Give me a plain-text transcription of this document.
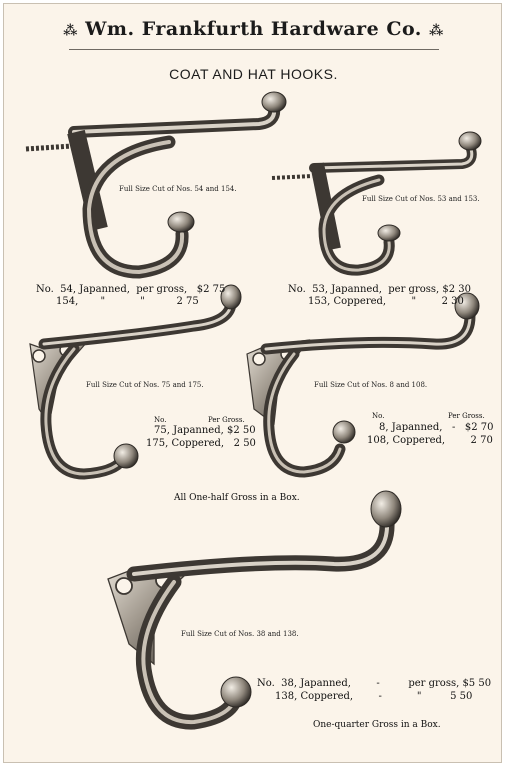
⁂ Wm. Frankfurth Hardware Co. ⁂
COAT AND HAT HOOKS.
Full Size Cut of Nos. 54 and 154.
Full Size Cut of Nos. 53 and 153.
Full Size Cut of Nos. 75 and 175.	Full Size Cut of Nos. 8 and 108.
Full Size Cut of Nos. 38 and 138.
No.  54, Japanned,  per gross,   $2 75
154,       "           "          2 75
No.  53, Japanned,  per gross, $2 30
153, Coppered,        "        2 30
No.	Per Gross.
75, Japanned, $2 50
175, Coppered,   2 50
No.	Per Gross.
8, Japanned,   -   $2 70
108, Coppered,        2 70
All One-half Gross in a Box.
No.  38, Japanned,        -         per gross, $5 50
138, Coppered,        -           "         5 50
One-quarter Gross in a Box.
